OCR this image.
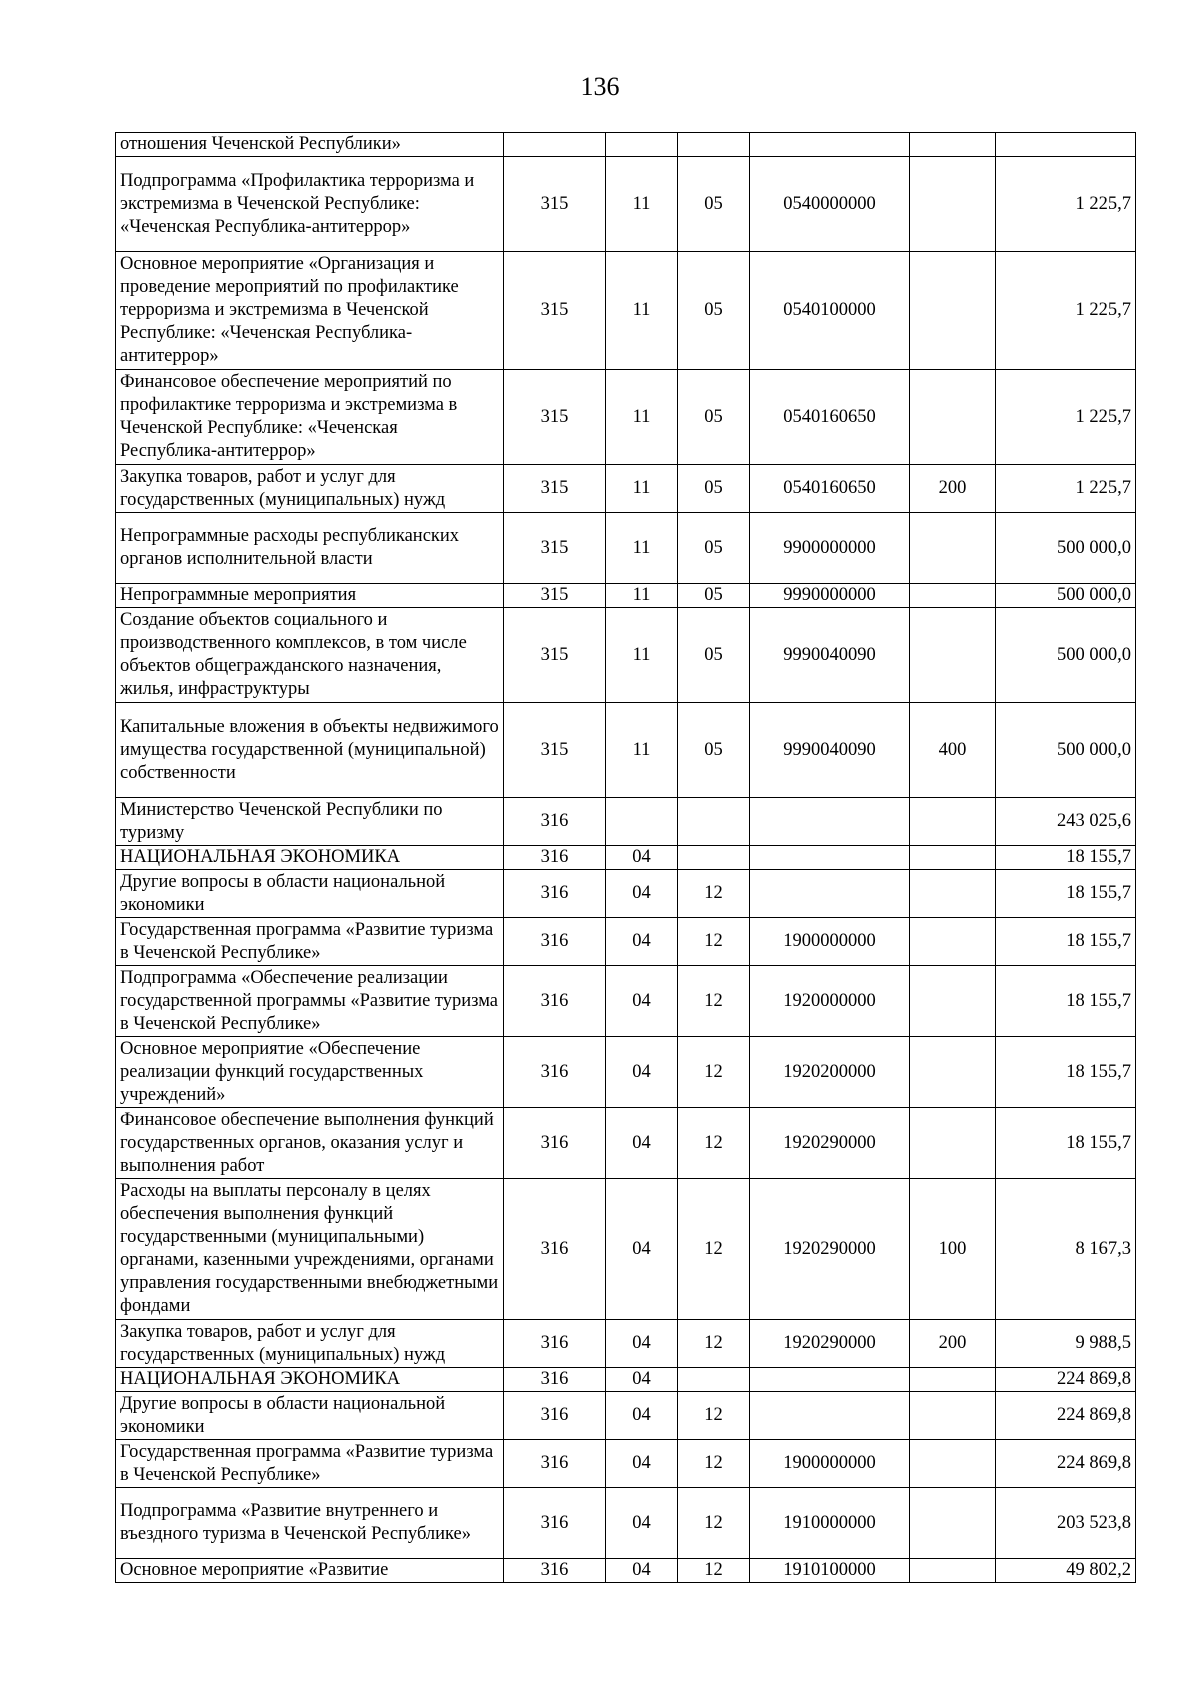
136
отношения Чеченской Республики»						
Подпрограмма «Профилактика терроризма и экстремизма в Чеченской Республике: «Чеченская Республика-антитеррор»	315	11	05	0540000000		1 225,7
Основное мероприятие «Организация и проведение мероприятий по профилактике терроризма и экстремизма в Чеченской Республике: «Чеченская Республика-антитеррор»	315	11	05	0540100000		1 225,7
Финансовое обеспечение мероприятий по профилактике терроризма и экстремизма в Чеченской Республике: «Чеченская Республика-антитеррор»	315	11	05	0540160650		1 225,7
Закупка товаров, работ и услуг для государственных (муниципальных) нужд	315	11	05	0540160650	200	1 225,7
Непрограммные расходы республиканских органов исполнительной власти	315	11	05	9900000000		500 000,0
Непрограммные мероприятия	315	11	05	9990000000		500 000,0
Создание объектов социального и производственного комплексов, в том числе объектов общегражданского назначения, жилья, инфраструктуры	315	11	05	9990040090		500 000,0
Капитальные вложения в объекты недвижимого имущества государственной (муниципальной) собственности	315	11	05	9990040090	400	500 000,0
Министерство Чеченской Республики по туризму	316					243 025,6
НАЦИОНАЛЬНАЯ ЭКОНОМИКА	316	04				18 155,7
Другие вопросы в области национальной экономики	316	04	12			18 155,7
Государственная программа «Развитие туризма в Чеченской Республике»	316	04	12	1900000000		18 155,7
Подпрограмма «Обеспечение реализации государственной программы «Развитие туризма в Чеченской Республике»	316	04	12	1920000000		18 155,7
Основное мероприятие «Обеспечение реализации функций государственных учреждений»	316	04	12	1920200000		18 155,7
Финансовое обеспечение выполнения функций государственных органов, оказания услуг и выполнения работ	316	04	12	1920290000		18 155,7
Расходы на выплаты персоналу в целях обеспечения выполнения функций государственными (муниципальными) органами, казенными учреждениями, органами управления государственными внебюджетными фондами	316	04	12	1920290000	100	8 167,3
Закупка товаров, работ и услуг для государственных (муниципальных) нужд	316	04	12	1920290000	200	9 988,5
НАЦИОНАЛЬНАЯ ЭКОНОМИКА	316	04				224 869,8
Другие вопросы в области национальной экономики	316	04	12			224 869,8
Государственная программа «Развитие туризма в Чеченской Республике»	316	04	12	1900000000		224 869,8
Подпрограмма «Развитие внутреннего и въездного туризма в Чеченской Республике»	316	04	12	1910000000		203 523,8
Основное мероприятие «Развитие	316	04	12	1910100000		49 802,2
